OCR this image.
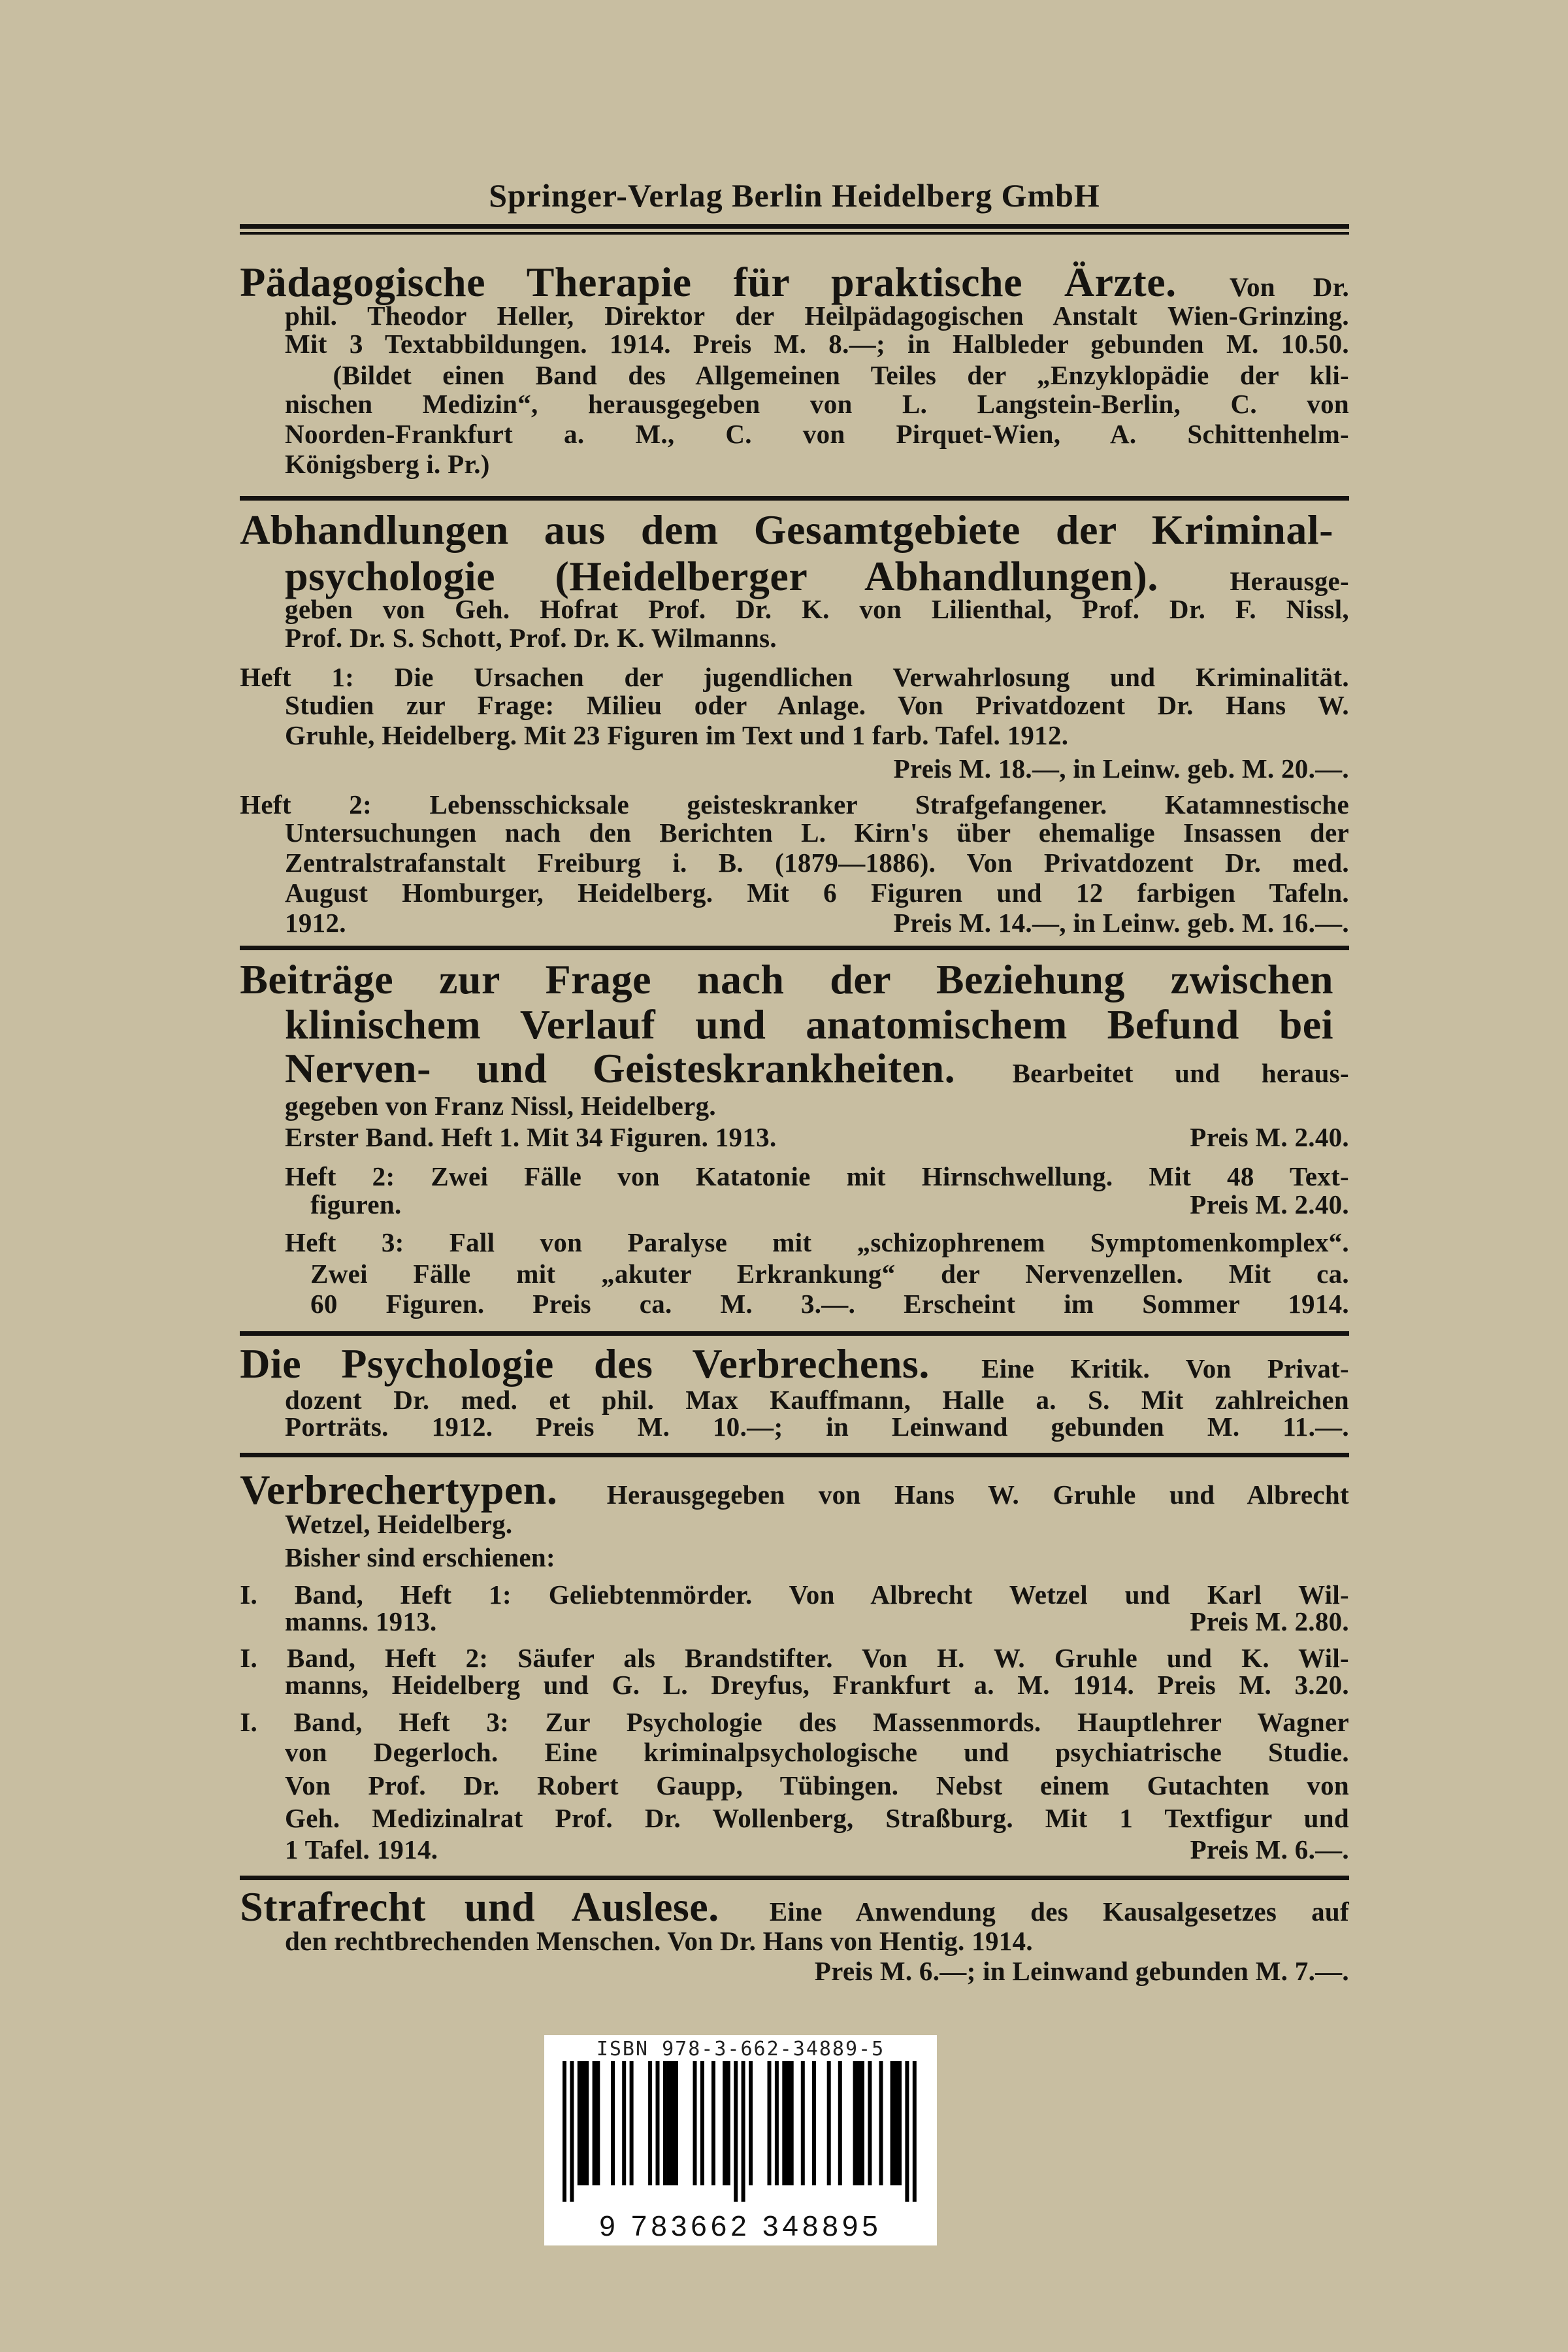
Springer-Verlag Berlin Heidelberg GmbH
Pädagogische Therapie für praktische Ärzte. Von Dr.
phil. Theodor Heller, Direktor der Heilpädagogischen Anstalt Wien-Grinzing.
Mit 3 Textabbildungen. 1914. Preis M. 8.—; in Halbleder gebunden M. 10.50.
(Bildet einen Band des Allgemeinen Teiles der „Enzyklopädie der kli-
nischen Medizin“, herausgegeben von L. Langstein-Berlin, C. von
Noorden-Frankfurt a. M., C. von Pirquet-Wien, A. Schittenhelm-
Königsberg i. Pr.)
Abhandlungen aus dem Gesamtgebiete der Kriminal-
psychologie (Heidelberger Abhandlungen).	Herausge-
geben von Geh. Hofrat Prof. Dr. K. von Lilienthal, Prof. Dr. F. Nissl,
Prof. Dr. S. Schott, Prof. Dr. K. Wilmanns.
Heft 1: Die Ursachen der jugendlichen Verwahrlosung und Kriminalität.
Studien zur Frage: Milieu oder Anlage. Von Privatdozent Dr. Hans W.
Gruhle, Heidelberg. Mit 23 Figuren im Text und 1 farb. Tafel. 1912.
Preis M. 18.—, in Leinw. geb. M. 20.—.
Heft 2: Lebensschicksale geisteskranker Strafgefangener. Katamnestische
Untersuchungen nach den Berichten L. Kirn's über ehemalige Insassen der
Zentralstrafanstalt Freiburg i. B. (1879—1886). Von Privatdozent Dr. med.
August Homburger, Heidelberg. Mit 6 Figuren und 12 farbigen Tafeln.
1912.	Preis M. 14.—, in Leinw. geb. M. 16.—.
Beiträge zur Frage nach der Beziehung zwischen
klinischem Verlauf und anatomischem Befund bei
Nerven- und Geisteskrankheiten. Bearbeitet und heraus-
gegeben von Franz Nissl, Heidelberg.
Erster Band. Heft 1. Mit 34 Figuren. 1913.	Preis M. 2.40.
Heft 2: Zwei Fälle von Katatonie mit Hirnschwellung. Mit 48 Text-
figuren.	Preis M. 2.40.
Heft 3: Fall von Paralyse mit „schizophrenem Symptomenkomplex“.
Zwei Fälle mit „akuter Erkrankung“ der Nervenzellen. Mit ca.
60 Figuren. Preis ca. M. 3.—. Erscheint im Sommer 1914.
Die Psychologie des Verbrechens. Eine Kritik. Von Privat-
dozent Dr. med. et phil. Max Kauffmann, Halle a. S. Mit zahlreichen
Porträts. 1912. Preis M. 10.—; in Leinwand gebunden M. 11.—.
Verbrechertypen. Herausgegeben von Hans W. Gruhle und Albrecht
Wetzel, Heidelberg.
Bisher sind erschienen:
I. Band, Heft 1: Geliebtenmörder. Von Albrecht Wetzel und Karl Wil-
manns. 1913.	Preis M. 2.80.
I. Band, Heft 2: Säufer als Brandstifter. Von H. W. Gruhle und K. Wil-
manns, Heidelberg und G. L. Dreyfus, Frankfurt a. M. 1914. Preis M. 3.20.
I. Band, Heft 3: Zur Psychologie des Massenmords. Hauptlehrer Wagner
von Degerloch. Eine kriminalpsychologische und psychiatrische Studie.
Von Prof. Dr. Robert Gaupp, Tübingen. Nebst einem Gutachten von
Geh. Medizinalrat Prof. Dr. Wollenberg, Straßburg. Mit 1 Textfigur und
1 Tafel. 1914.	Preis M. 6.—.
Strafrecht und Auslese. Eine Anwendung des Kausalgesetzes auf
den rechtbrechenden Menschen. Von Dr. Hans von Hentig. 1914.
Preis M. 6.—; in Leinwand gebunden M. 7.—.
ISBN 978-3-662-34889-5
9 783662 348895
